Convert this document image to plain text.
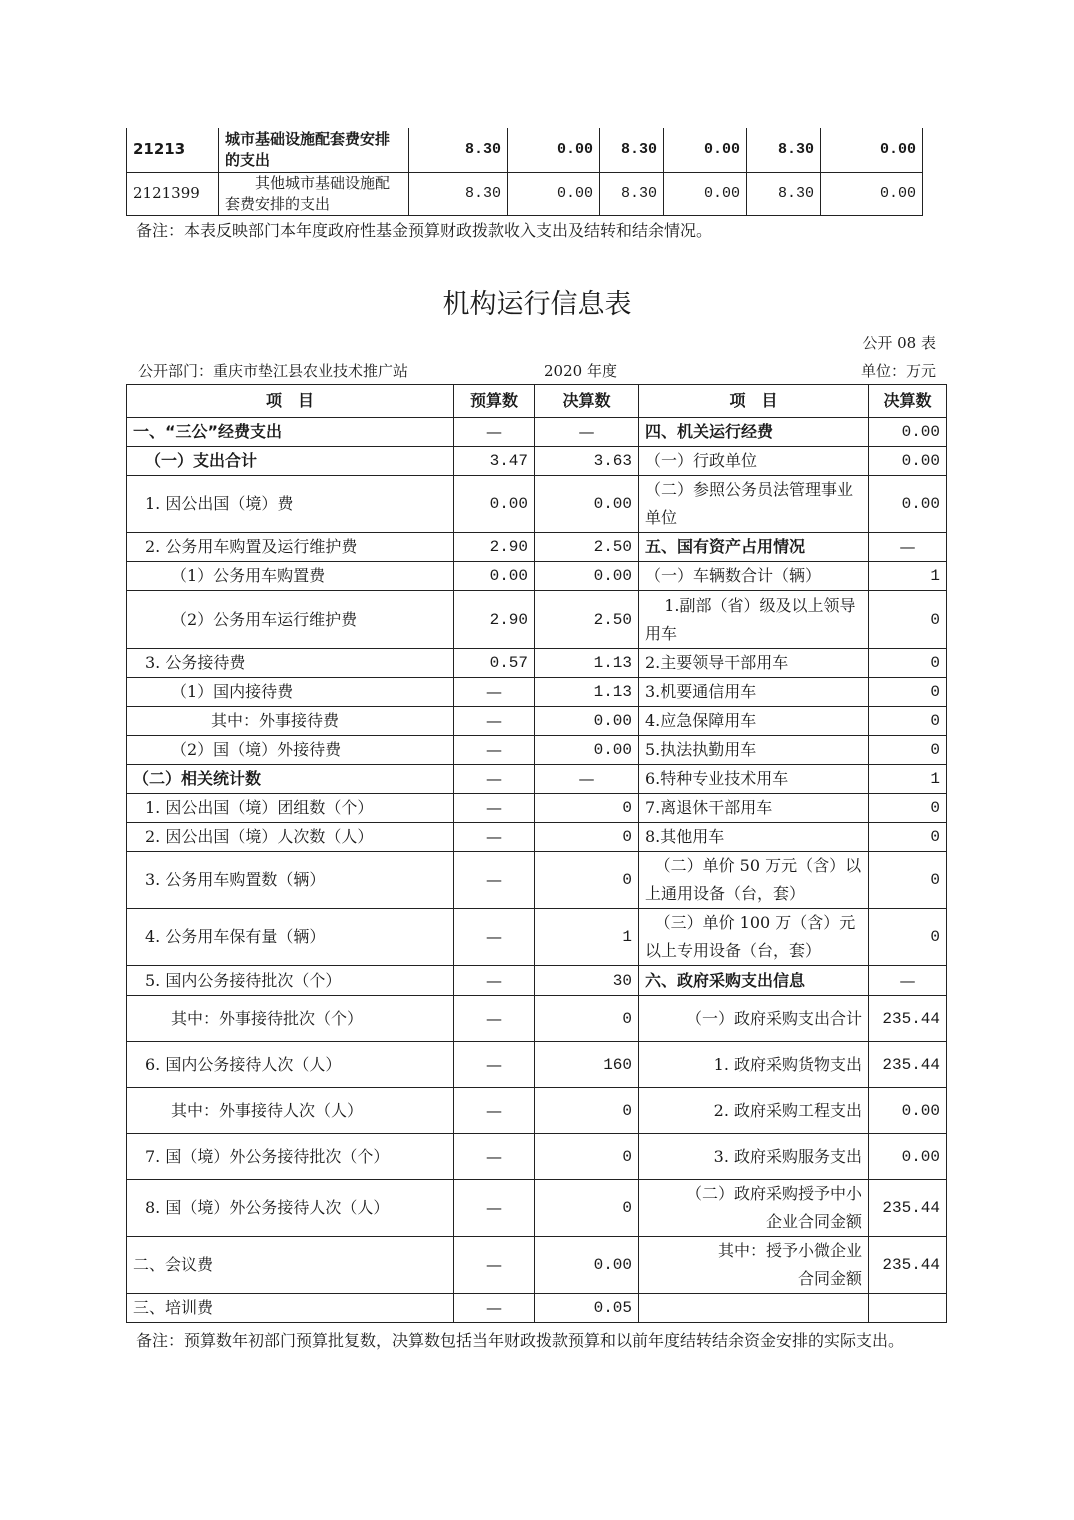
21213	城市基础设施配套费安排的支出	8.30	0.00	8.30	0.00	8.30	0.00
2121399	其他城市基础设施配套费安排的支出	8.30	0.00	8.30	0.00	8.30	0.00
备注：本表反映部门本年度政府性基金预算财政拨款收入支出及结转和结余情况。
机构运行信息表
公开 08 表
公开部门：重庆市垫江县农业技术推广站	2020 年度	单位：万元
项　目	预算数	决算数	项　目	决算数
一、“三公”经费支出	—	—	四、机关运行经费	0.00
（一）支出合计	3.47	3.63	（一）行政单位	0.00
1. 因公出国（境）费	0.00	0.00	（二）参照公务员法管理事业单位	0.00
2. 公务用车购置及运行维护费	2.90	2.50	五、国有资产占用情况	—
（1）公务用车购置费	0.00	0.00	（一）车辆数合计（辆）	1
（2）公务用车运行维护费	2.90	2.50	1.副部（省）级及以上领导用车	0
3. 公务接待费	0.57	1.13	2.主要领导干部用车	0
（1）国内接待费	—	1.13	3.机要通信用车	0
其中：外事接待费	—	0.00	4.应急保障用车	0
（2）国（境）外接待费	—	0.00	5.执法执勤用车	0
（二）相关统计数	—	—	6.特种专业技术用车	1
1. 因公出国（境）团组数（个）	—	0	7.离退休干部用车	0
2. 因公出国（境）人次数（人）	—	0	8.其他用车	0
3. 公务用车购置数（辆）	—	0	（二）单价 50 万元（含）以上通用设备（台，套）	0
4. 公务用车保有量（辆）	—	1	（三）单价 100 万（含）元以上专用设备（台，套）	0
5. 国内公务接待批次（个）	—	30	六、政府采购支出信息	—
其中：外事接待批次（个）	—	0	（一）政府采购支出合计	235.44
6. 国内公务接待人次（人）	—	160	1. 政府采购货物支出	235.44
其中：外事接待人次（人）	—	0	2. 政府采购工程支出	0.00
7. 国（境）外公务接待批次（个）	—	0	3. 政府采购服务支出	0.00
8. 国（境）外公务接待人次（人）	—	0	（二）政府采购授予中小企业合同金额	235.44
二、会议费	—	0.00	其中：授予小微企业合同金额	235.44
三、培训费	—	0.05		
备注：预算数年初部门预算批复数，决算数包括当年财政拨款预算和以前年度结转结余资金安排的实际支出。
